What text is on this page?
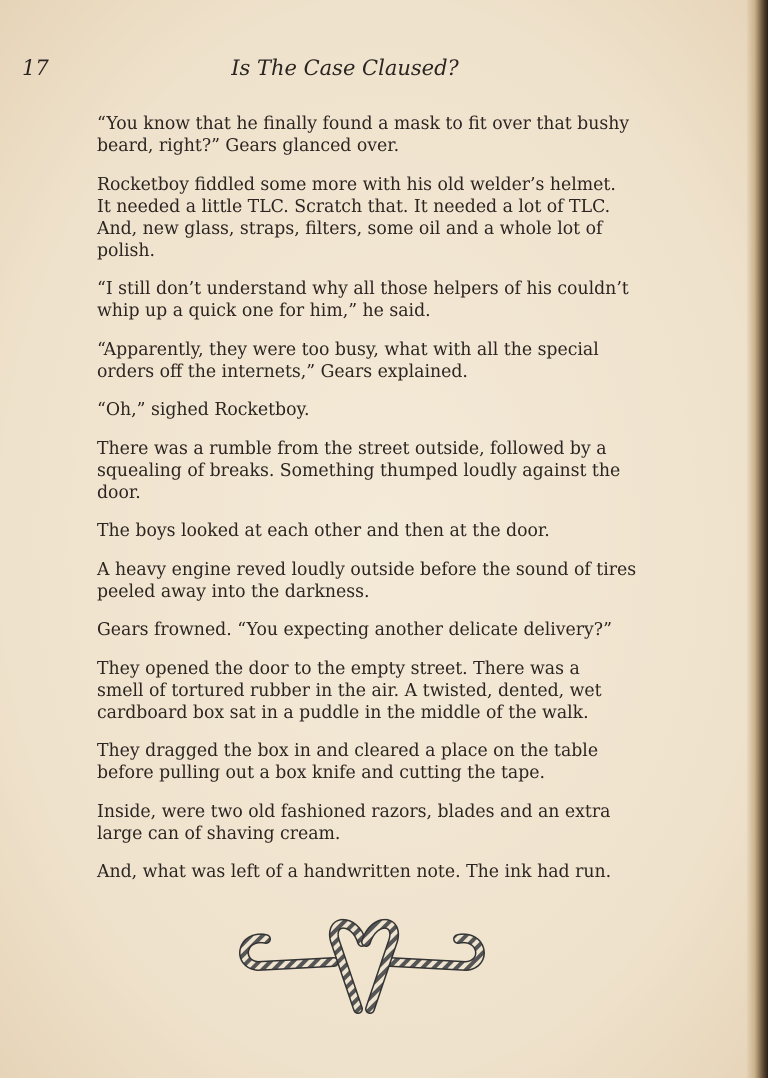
17	Is The Case Claused?

“You know that he finally found a mask to fit over that bushy
beard, right?” Gears glanced over.

Rocketboy fiddled some more with his old welder’s helmet.
It needed a little TLC. Scratch that. It needed a lot of TLC.
And, new glass, straps, filters, some oil and a whole lot of
polish.

“I still don’t understand why all those helpers of his couldn’t
whip up a quick one for him,” he said.

“Apparently, they were too busy, what with all the special
orders off the internets,” Gears explained.

“Oh,” sighed Rocketboy.

There was a rumble from the street outside, followed by a
squealing of breaks. Something thumped loudly against the
door.

The boys looked at each other and then at the door.

A heavy engine reved loudly outside before the sound of tires
peeled away into the darkness.

Gears frowned. “You expecting another delicate delivery?”

They opened the door to the empty street. There was a
smell of tortured rubber in the air. A twisted, dented, wet
cardboard box sat in a puddle in the middle of the walk.

They dragged the box in and cleared a place on the table
before pulling out a box knife and cutting the tape.

Inside, were two old fashioned razors, blades and an extra
large can of shaving cream.

And, what was left of a handwritten note. The ink had run.
